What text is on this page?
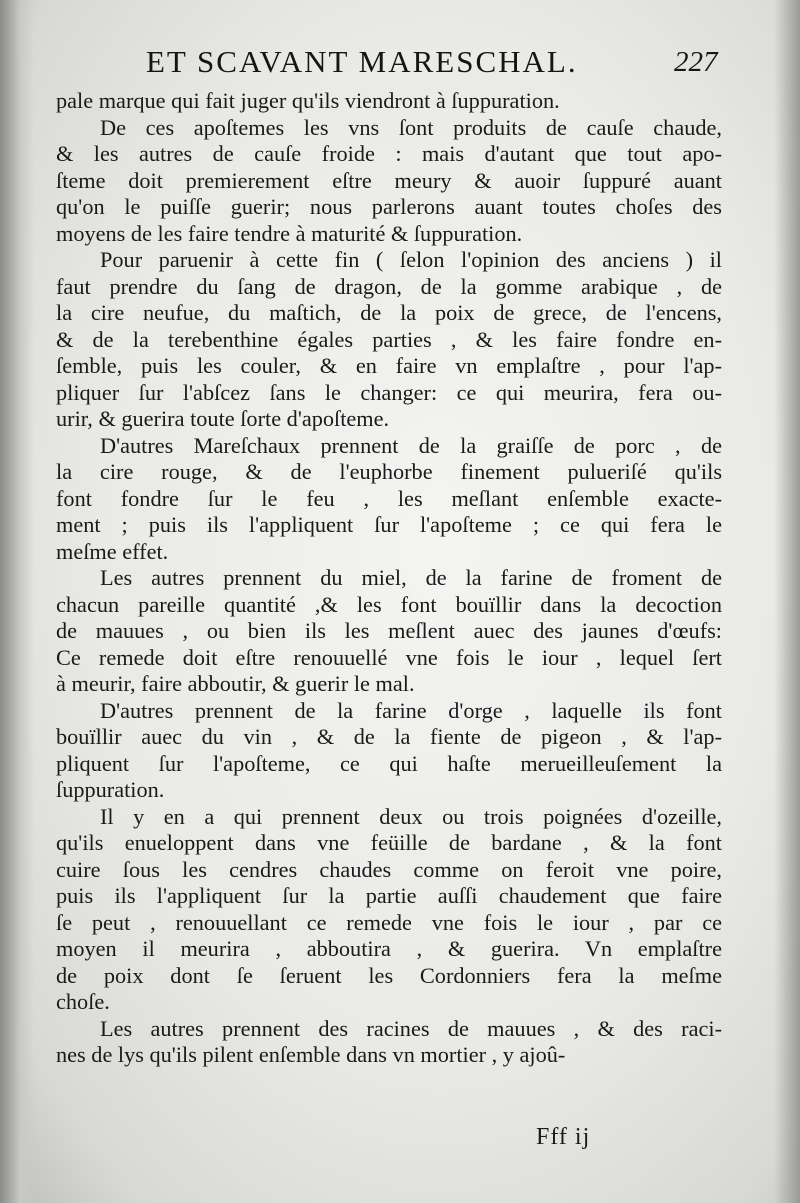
ET SCAVANT MARESCHAL.	227
pale marque qui fait juger qu'ils viendront à ſuppuration.
De ces apoſtemes les vns ſont produits de cauſe chaude,
& les autres de cauſe froide : mais d'autant que tout apo-
ſteme doit premierement eſtre meury & auoir ſuppuré auant
qu'on le puiſſe guerir; nous parlerons auant toutes choſes des
moyens de les faire tendre à maturité & ſuppuration.
Pour paruenir à cette fin ( ſelon l'opinion des anciens ) il
faut prendre du ſang de dragon, de la gomme arabique , de
la cire neufue, du maſtich, de la poix de grece, de l'encens,
& de la terebenthine égales parties , & les faire fondre en-
ſemble, puis les couler, & en faire vn emplaſtre , pour l'ap-
pliquer ſur l'abſcez ſans le changer: ce qui meurira, fera ou-
urir, & guerira toute ſorte d'apoſteme.
D'autres Mareſchaux prennent de la graiſſe de porc , de
la cire rouge, & de l'euphorbe finement pulueriſé qu'ils
font fondre ſur le feu , les meſlant enſemble exacte-
ment ; puis ils l'appliquent ſur l'apoſteme ; ce qui fera le
meſme effet.
Les autres prennent du miel, de la farine de froment de
chacun pareille quantité ,& les font bouïllir dans la decoction
de mauues , ou bien ils les meſlent auec des jaunes d'œufs:
Ce remede doit eſtre renouuellé vne fois le iour , lequel ſert
à meurir, faire abboutir, & guerir le mal.
D'autres prennent de la farine d'orge , laquelle ils font
bouïllir auec du vin , & de la fiente de pigeon , & l'ap-
pliquent ſur l'apoſteme, ce qui haſte merueilleuſement la
ſuppuration.
Il y en a qui prennent deux ou trois poignées d'ozeille,
qu'ils enueloppent dans vne feüille de bardane , & la font
cuire ſous les cendres chaudes comme on feroit vne poire,
puis ils l'appliquent ſur la partie auſſi chaudement que faire
ſe peut , renouuellant ce remede vne fois le iour , par ce
moyen il meurira , abboutira , & guerira. Vn emplaſtre
de poix dont ſe ſeruent les Cordonniers fera la meſme
choſe.
Les autres prennent des racines de mauues , & des raci-
nes de lys qu'ils pilent enſemble dans vn mortier , y ajoû-
Fff ij
